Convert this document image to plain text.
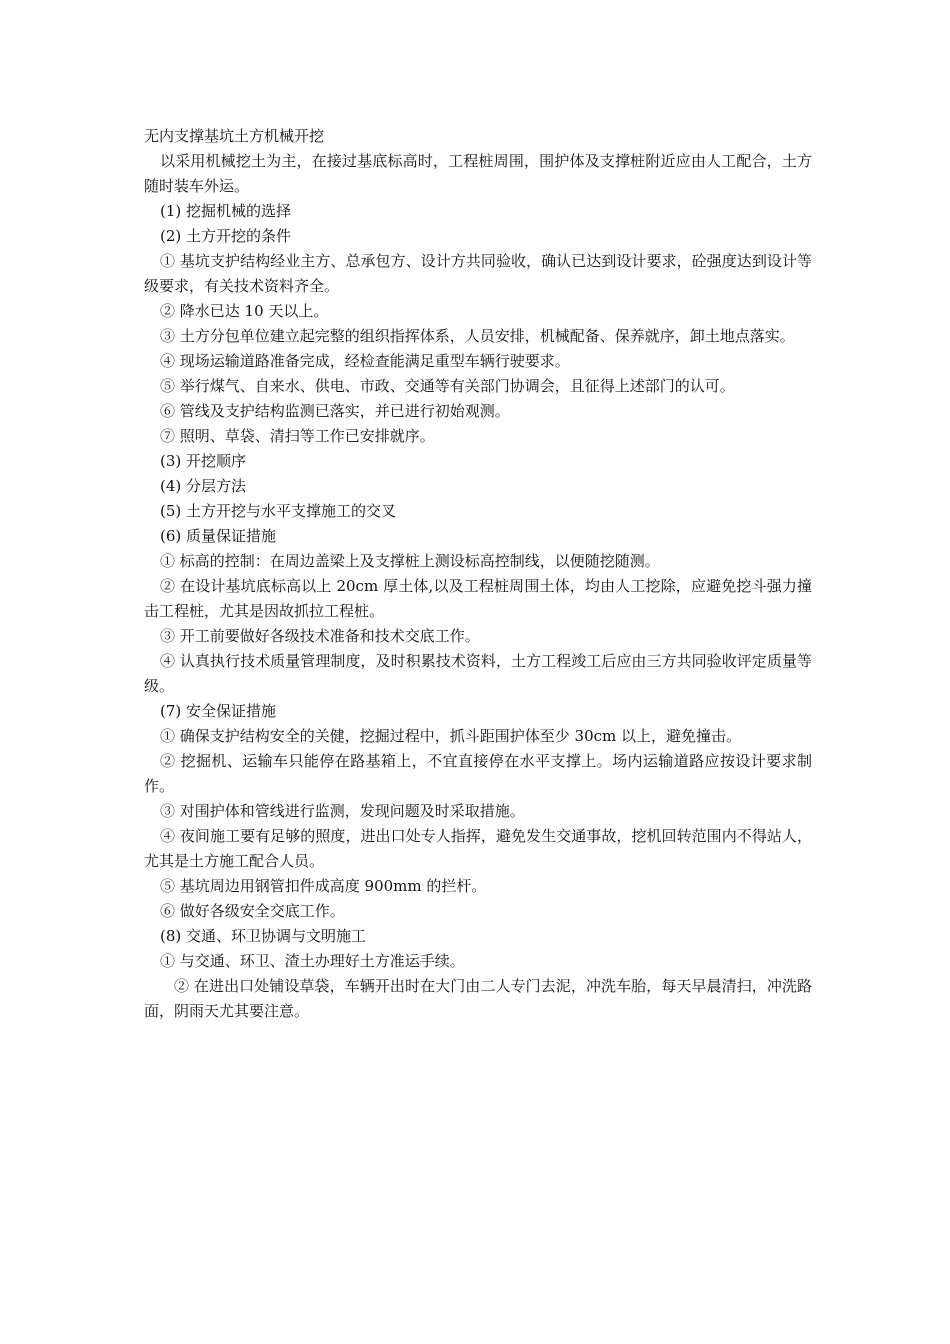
无内支撑基坑土方机械开挖

以采用机械挖土为主，在接过基底标高时，工程桩周围，围护体及支撑桩附近应由人工配合，土方随时装车外运。

(1) 挖掘机械的选择

(2) 土方开挖的条件

① 基坑支护结构经业主方、总承包方、设计方共同验收，确认已达到设计要求，砼强度达到设计等级要求，有关技术资料齐全。

② 降水已达 10 天以上。

③ 土方分包单位建立起完整的组织指挥体系，人员安排，机械配备、保养就序，卸土地点落实。

④ 现场运输道路准备完成，经检查能满足重型车辆行驶要求。

⑤ 举行煤气、自来水、供电、市政、交通等有关部门协调会，且征得上述部门的认可。

⑥ 管线及支护结构监测已落实，并已进行初始观测。

⑦ 照明、草袋、清扫等工作已安排就序。

(3) 开挖顺序

(4) 分层方法

(5) 土方开挖与水平支撑施工的交叉

(6) 质量保证措施

① 标高的控制：在周边盖梁上及支撑桩上测设标高控制线，以便随挖随测。

② 在设计基坑底标高以上 20cm 厚土体,以及工程桩周围土体，均由人工挖除，应避免挖斗强力撞击工程桩，尤其是因故抓拉工程桩。

③ 开工前要做好各级技术准备和技术交底工作。

④ 认真执行技术质量管理制度，及时积累技术资料，土方工程竣工后应由三方共同验收评定质量等级。

(7) 安全保证措施

① 确保支护结构安全的关健，挖掘过程中，抓斗距围护体至少 30cm 以上，避免撞击。

② 挖掘机、运输车只能停在路基箱上，不宜直接停在水平支撑上。场内运输道路应按设计要求制作。

③ 对围护体和管线进行监测，发现问题及时采取措施。

④ 夜间施工要有足够的照度，进出口处专人指挥，避免发生交通事故，挖机回转范围内不得站人，尤其是土方施工配合人员。

⑤ 基坑周边用钢管扣件成高度 900mm 的拦杆。

⑥ 做好各级安全交底工作。

(8) 交通、环卫协调与文明施工

① 与交通、环卫、渣土办理好土方准运手续。

② 在进出口处铺设草袋，车辆开出时在大门由二人专门去泥，冲洗车胎，每天早晨清扫，冲洗路面，阴雨天尤其要注意。
